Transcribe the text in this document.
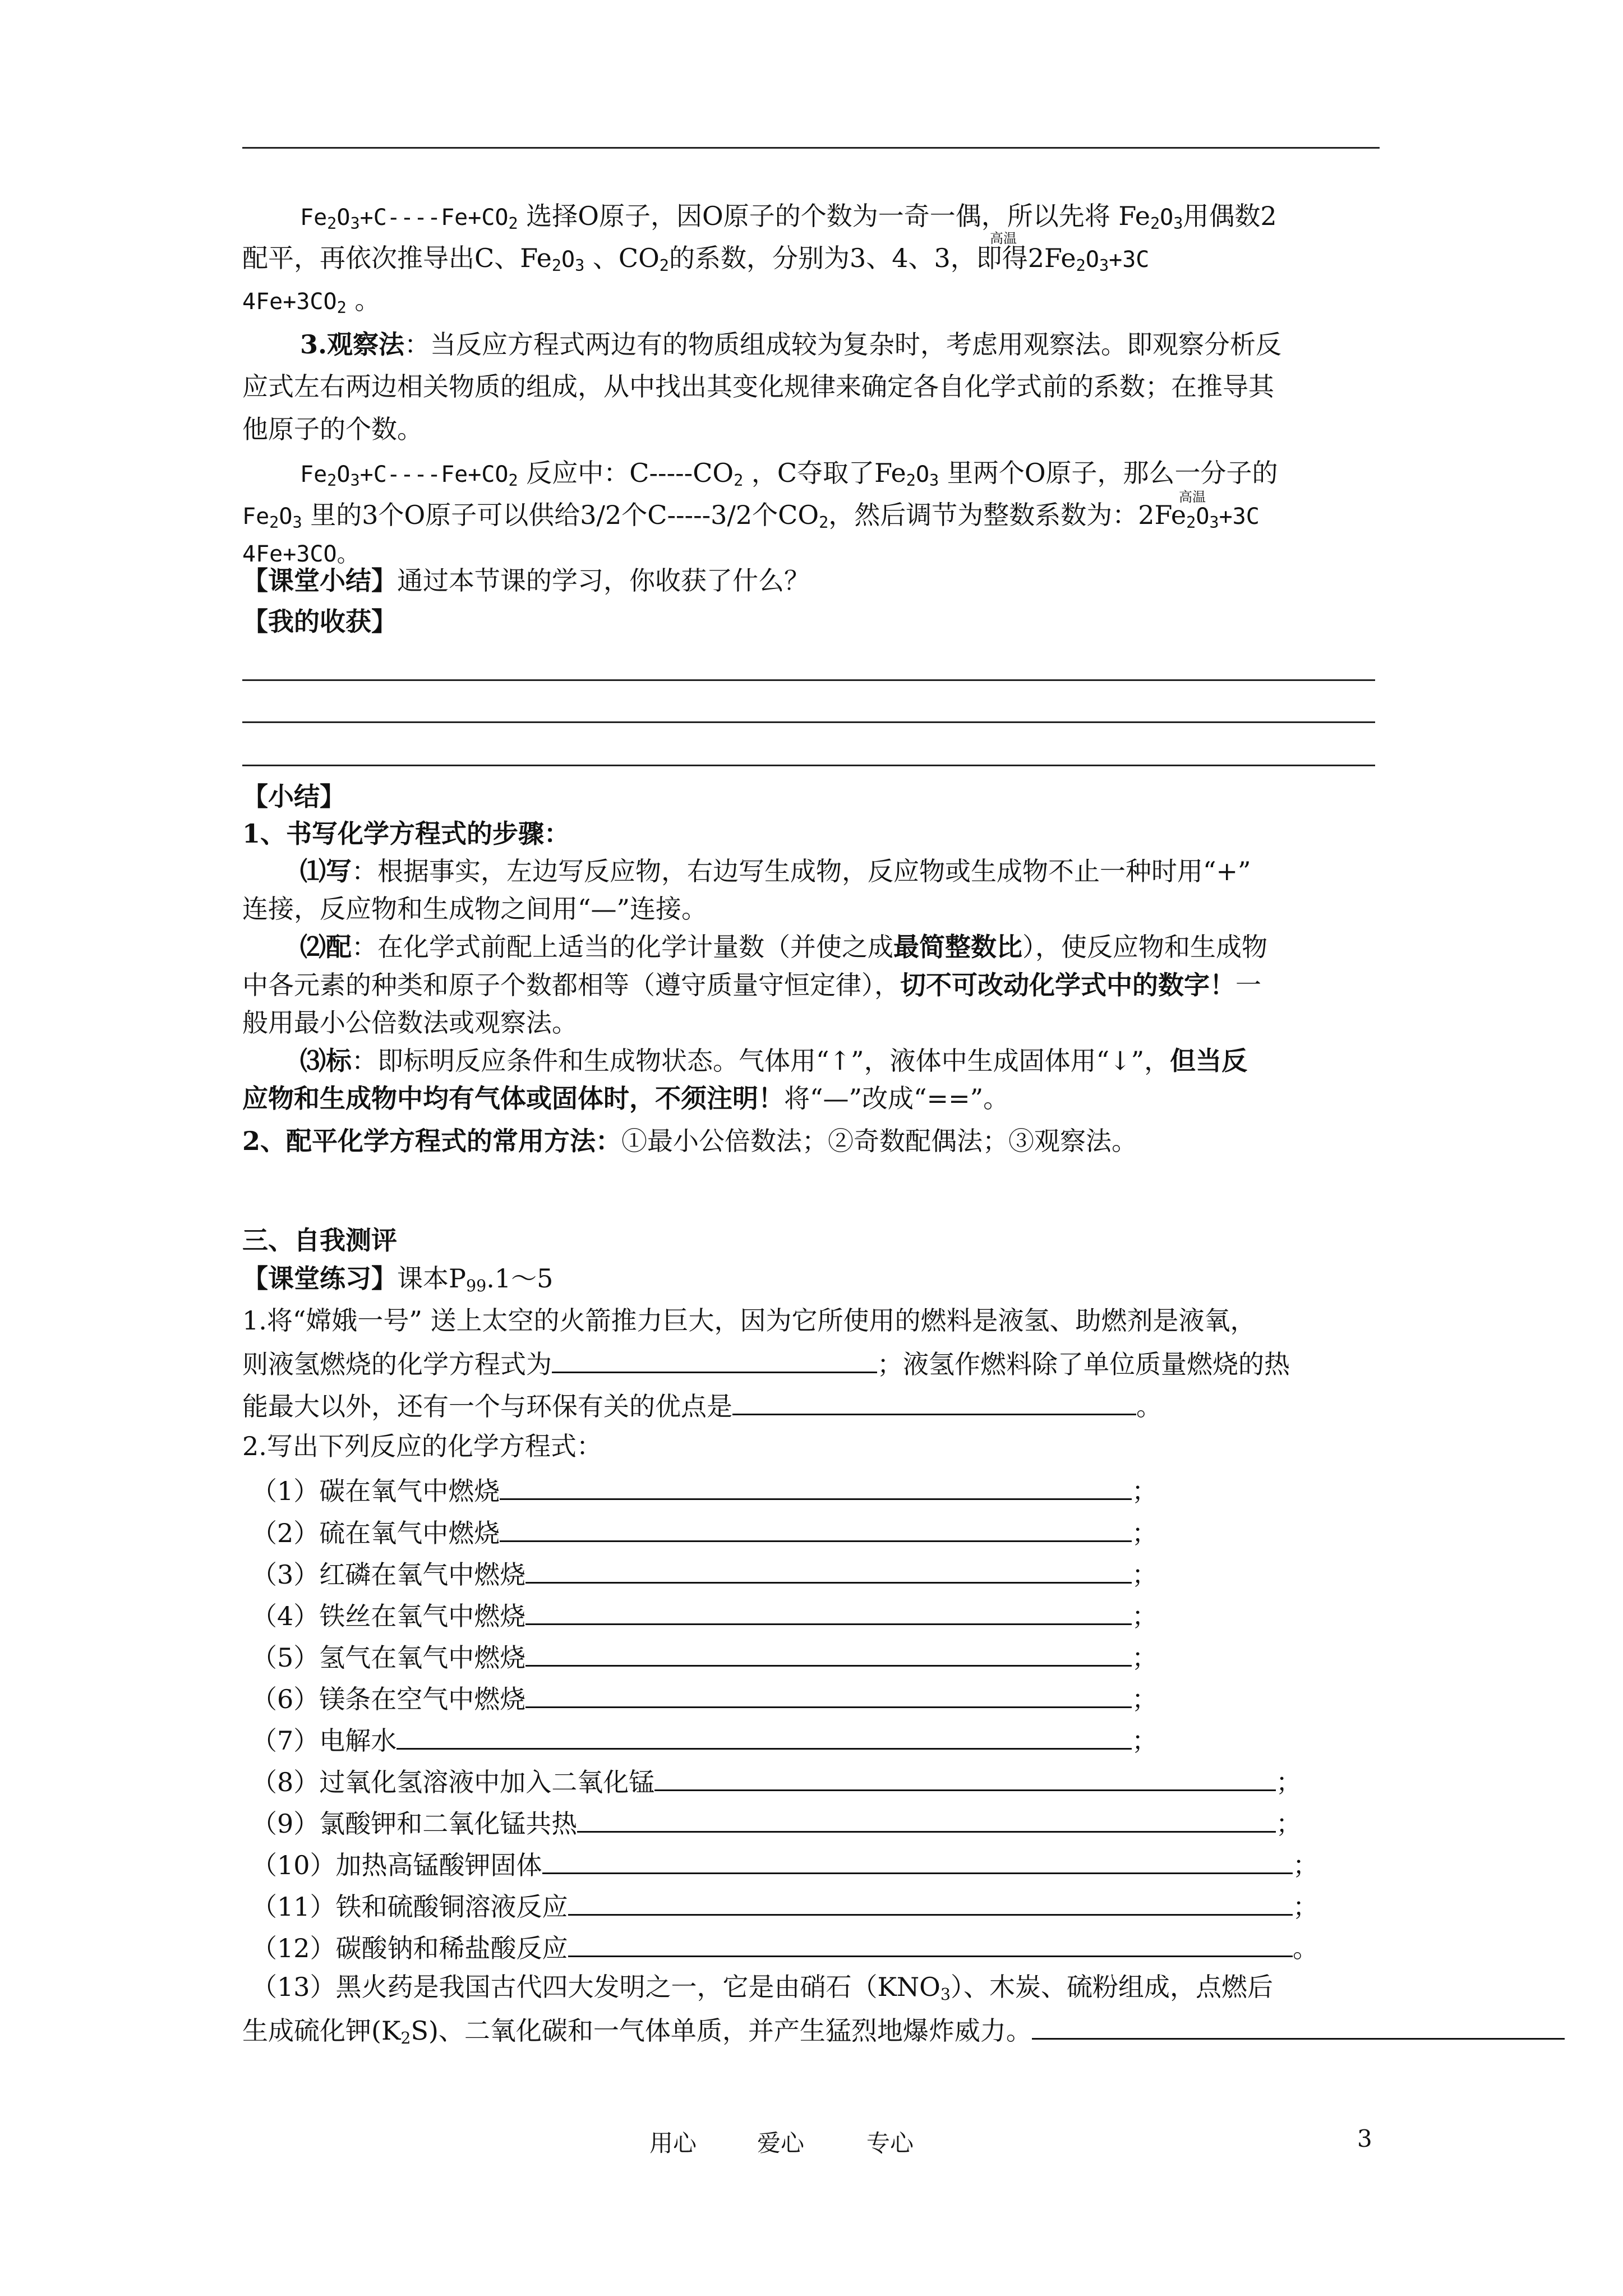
$Fe_2O_3+C----Fe+CO_2$ 选择O原子，因O原子的个数为一奇一偶，所以先将 $Fe_2O_3$用偶数2
高温
配平，再依次推导出C、$Fe_2O_3$ 、$CO_2$的系数，分别为3、4、3，即得$2Fe_2O_3+3C$
$4Fe+3CO_2$ 。
3.观察法：当反应方程式两边有的物质组成较为复杂时，考虑用观察法。即观察分析反
应式左右两边相关物质的组成，从中找出其变化规律来确定各自化学式前的系数；在推导其
他原子的个数。
$Fe_2O_3+C----Fe+CO_2$ 反应中：$C-----CO_2$ ，C夺取了$Fe_2O_3$ 里两个O原子，那么一分子的
高温
$Fe_2O_3$ 里的3个O原子可以供给3/2个C-----3/2个$CO_2$，然后调节为整数系数为：$2Fe_2O_3+3C$
4Fe+3CO。
【课堂小结】通过本节课的学习，你收获了什么？
【我的收获】
【小结】
1、书写化学方程式的步骤：
⑴写：根据事实，左边写反应物，右边写生成物，反应物或生成物不止一种时用“+”
连接，反应物和生成物之间用“—”连接。
⑵配：在化学式前配上适当的化学计量数（并使之成最简整数比），使反应物和生成物
中各元素的种类和原子个数都相等（遵守质量守恒定律），切不可改动化学式中的数字！一
般用最小公倍数法或观察法。
⑶标：即标明反应条件和生成物状态。气体用“↑”，液体中生成固体用“↓”，但当反
应物和生成物中均有气体或固体时，不须注明！将“—”改成“==”。
2、配平化学方程式的常用方法：①最小公倍数法；②奇数配偶法；③观察法。
三、自我测评
【课堂练习】课本$P_{99}.1\sim 5$
1.将“嫦娥一号” 送上太空的火箭推力巨大，因为它所使用的燃料是液氢、助燃剂是液氧，
则液氢燃烧的化学方程式为	；液氢作燃料除了单位质量燃烧的热
能最大以外，还有一个与环保有关的优点是	。
2.写出下列反应的化学方程式：
（1）碳在氧气中燃烧	；
（2）硫在氧气中燃烧	；
（3）红磷在氧气中燃烧	；
（4）铁丝在氧气中燃烧	；
（5）氢气在氧气中燃烧	；
（6）镁条在空气中燃烧	；
（7）电解水	；
（8）过氧化氢溶液中加入二氧化锰	；
（9）氯酸钾和二氧化锰共热	；
（10）加热高锰酸钾固体	；
（11）铁和硫酸铜溶液反应	；
（12）碳酸钠和稀盐酸反应	。
（13）黑火药是我国古代四大发明之一，它是由硝石$(KNO_3)$、木炭、硫粉组成，点燃后
生成硫化钾$(K_2S)$、二氧化碳和一气体单质，并产生猛烈地爆炸威力。
用心	爱心	专心	3
